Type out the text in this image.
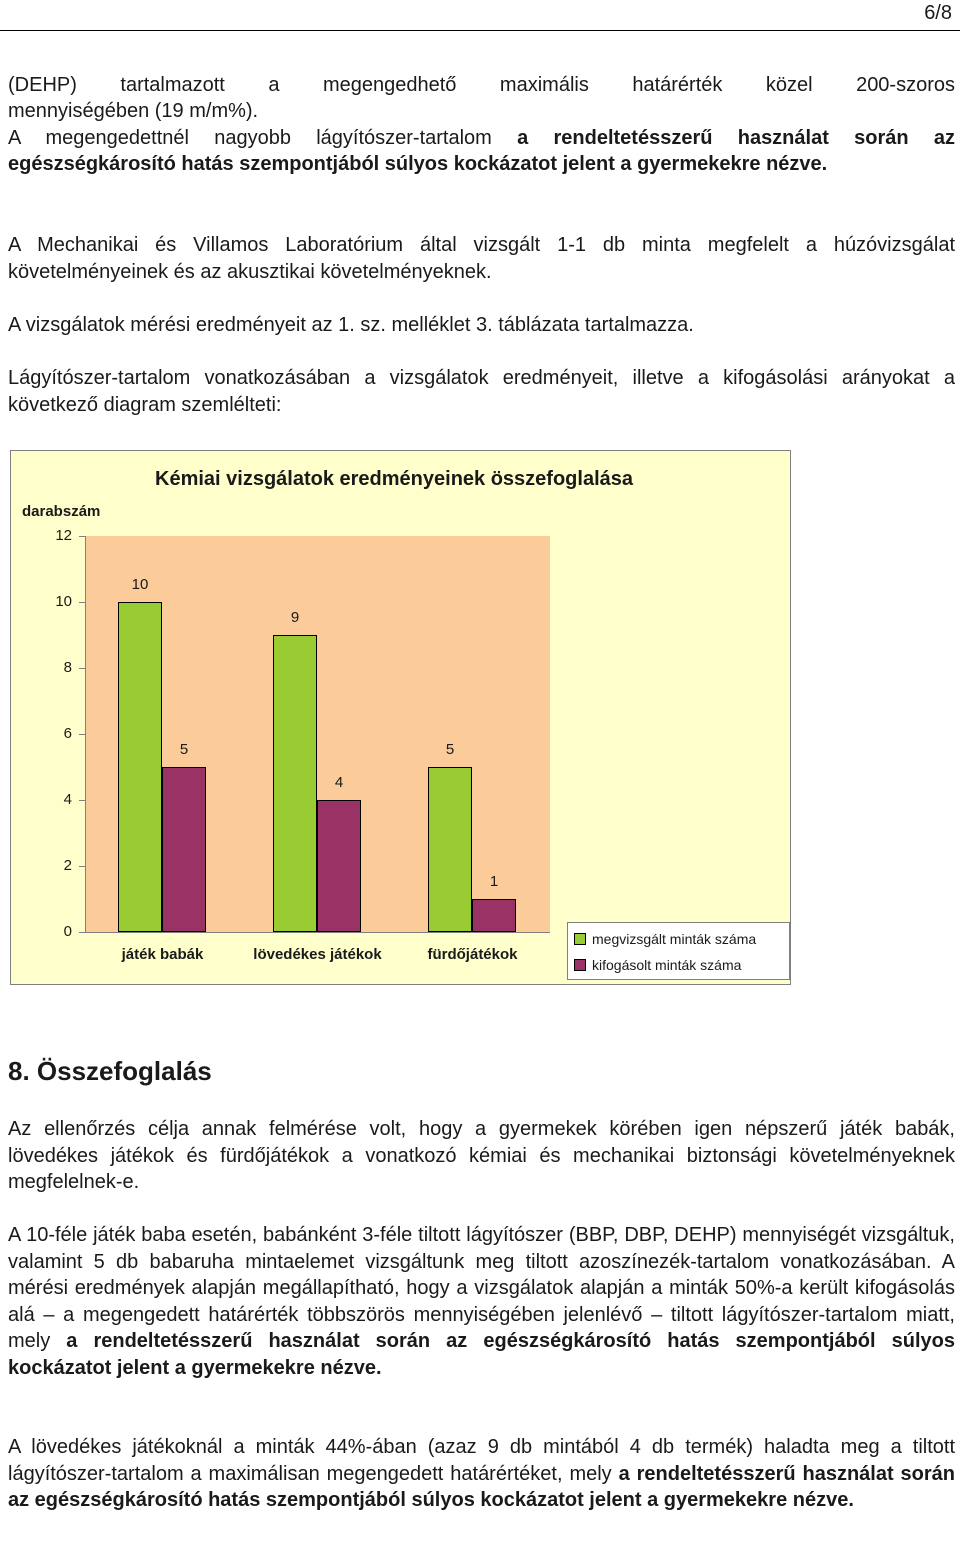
6/8
(DEHP) tartalmazott a megengedhető maximális határérték közel 200-szoros
mennyiségében (19 m/m%).
A megengedettnél nagyobb lágyítószer-tartalom a rendeltetésszerű használat során az
egészségkárosító hatás szempontjából súlyos kockázatot jelent a gyermekekre nézve.
A Mechanikai és Villamos Laboratórium által vizsgált 1-1 db minta megfelelt a húzóvizsgálat követelményeinek és az akusztikai követelményeknek.
A vizsgálatok mérési eredményeit az 1. sz. melléklet 3. táblázata tartalmazza.
Lágyítószer-tartalom vonatkozásában a vizsgálatok eredményeit, illetve a kifogásolási arányokat a következő diagram szemlélteti:
Kémiai vizsgálatok eredményeinek összefoglalása
darabszám
0
2
4
6
8
10
12
10
5
játék babák
9
4
lövedékes játékok
5
1
fürdőjátékok
megvizsgált minták száma
kifogásolt minták száma
8. Összefoglalás
Az ellenőrzés célja annak felmérése volt, hogy a gyermekek körében igen népszerű játék babák, lövedékes játékok és fürdőjátékok a vonatkozó kémiai és mechanikai biztonsági követelményeknek megfelelnek-e.
A 10-féle játék baba esetén, babánként 3-féle tiltott lágyítószer (BBP, DBP, DEHP) mennyiségét vizsgáltuk, valamint 5 db babaruha mintaelemet vizsgáltunk meg tiltott azoszínezék-tartalom vonatkozásában. A mérési eredmények alapján megállapítható, hogy a vizsgálatok alapján a minták 50%-a került kifogásolás alá – a megengedett határérték többszörös mennyiségében jelenlévő – tiltott lágyítószer-tartalom miatt, mely a rendeltetésszerű használat során az egészségkárosító hatás szempontjából súlyos kockázatot jelent a gyermekekre nézve.
A lövedékes játékoknál a minták 44%-ában (azaz 9 db mintából 4 db termék) haladta meg a tiltott lágyítószer-tartalom a maximálisan megengedett határértéket, mely a rendeltetésszerű használat során az egészségkárosító hatás szempontjából súlyos kockázatot jelent a gyermekekre nézve.
